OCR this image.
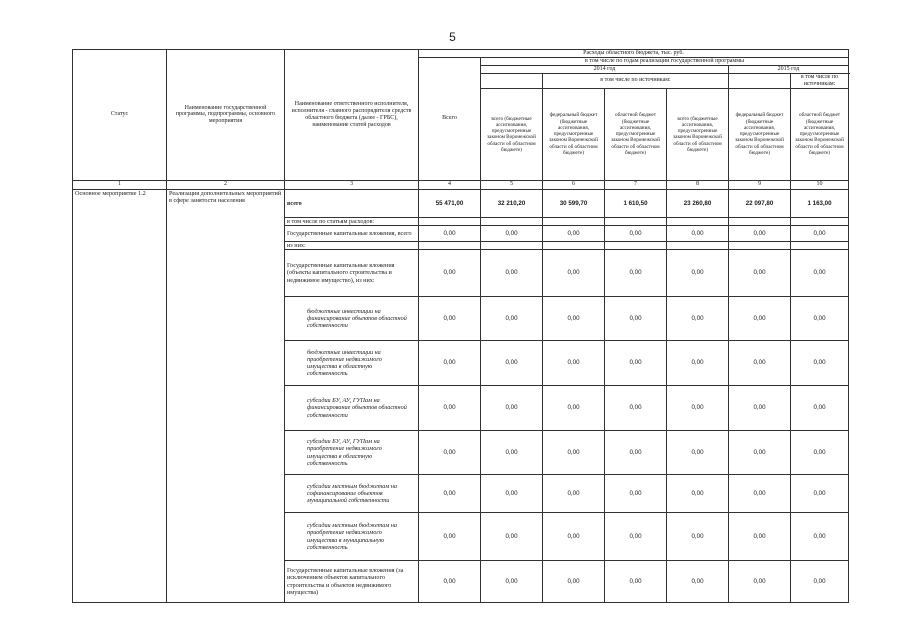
5
Статус	Наименование государственной программы, подпрограммы, основного мероприятия	Наименование ответственного исполнителя, исполнителя - главного распорядителя средств областного бюджета (далее - ГРБС), наименование статей расходов	Расходы областного бюджета, тыс. руб.						
			Всего	в том числе по годам реализации государственной программы					
				2014 год				2015 год	
					в том числе по источникам:				в том числе по источникам:
				всего (бюджетные ассигнования, предусмотренные законом Воронежской области об областном бюджете)	федеральный бюджет (бюджетные ассигнования, предусмотренные законом Воронежской области об областном бюджете)	областной бюджет (бюджетные ассигнования, предусмотренные законом Воронежской области об областном бюджете)	всего (бюджетные ассигнования, предусмотренные законом Воронежской области об областном бюджете)	федеральный бюджет (бюджетные ассигнования, предусмотренные законом Воронежской области об областном бюджете)	областной бюджет (бюджетные ассигнования, предусмотренные законом Воронежской области об областном бюджете)
1	2	3	4	5	6	7	8	9	10
Основное мероприятие 1.2	Реализация дополнительных мероприятий в сфере занятости населения	всего	55 471,00	32 210,20	30 599,70	1 610,50	23 260,80	22 097,80	1 163,00
		в том числе по статьям расходов:							
		Государственные капитальные вложения, всего	0,00	0,00	0,00	0,00	0,00	0,00	0,00
		из них:							
		Государственные капитальные вложения (объекты капитального строительства и недвижимое имущество), из них:	0,00	0,00	0,00	0,00	0,00	0,00	0,00
		бюджетные инвестиции на финансирование объектов областной собственности	0,00	0,00	0,00	0,00	0,00	0,00	0,00
		бюджетные инвестиции на приобретение недвижимого имущества в областную собственность	0,00	0,00	0,00	0,00	0,00	0,00	0,00
		субсидии БУ, АУ, ГУПам на финансирование объектов областной собственности	0,00	0,00	0,00	0,00	0,00	0,00	0,00
		субсидии БУ, АУ, ГУПам на приобретение недвижимого имущества в областную собственность	0,00	0,00	0,00	0,00	0,00	0,00	0,00
		субсидии местным бюджетам на софинансирование объектов муниципальной собственности	0,00	0,00	0,00	0,00	0,00	0,00	0,00
		субсидии местным бюджетам на приобретение недвижимого имущества в муниципальную собственность	0,00	0,00	0,00	0,00	0,00	0,00	0,00
		Государственные капитальные вложения (за исключением объектов капитального строительства и объектов недвижимого имущества)	0,00	0,00	0,00	0,00	0,00	0,00	0,00
